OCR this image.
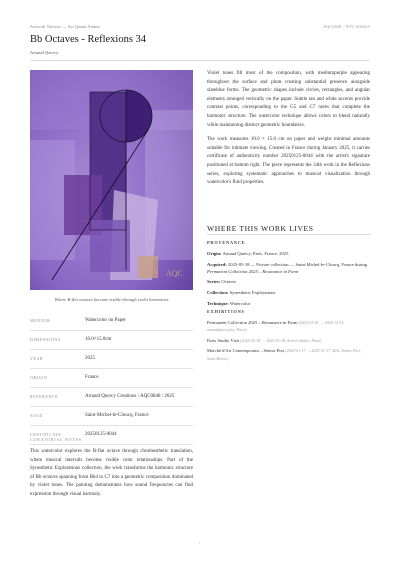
Artwork Notices — Art Quant Anima	AQC0848 · NTC-000445
Bb Octaves - Reflexions 34
Arnaud Quercy
AQC
Where B-flat octaves become visible through violet harmonies
MEDIUM	Watercolor on Paper
DIMENSIONS	10.0×15.0cm
YEAR	2025
ORIGIN	France
REFERENCE	Arnaud Quercy Creations / AQC0848 / 2025
SOLD	Saint-Michel-le-Cloucq, France
CERTIFICATE	20250125-0044
CURATORIAL NOTES
This watercolor explores the B-flat octave through chromesthetic translation, where musical intervals become visible color relationships. Part of the Synesthetic Explorations collection, the work transforms the harmonic structure of Bb octaves spanning from Bb4 to C7 into a geometric composition dominated by violet tones. The painting demonstrates how sound frequencies can find expression through visual harmony.

Violet tones fill most of the composition, with mediumpurple appearing throughout the surface and plum creating substantial presence alongside slateblue forms. The geometric shapes include circles, rectangles, and angular elements arranged vertically on the paper. Subtle tan and white accents provide contrast points, corresponding to the G5 and C7 notes that complete the harmonic structure. The watercolor technique allows colors to blend naturally while maintaining distinct geometric boundaries.

The work measures 10.0 × 15.0 cm on paper and weighs minimal amounts suitable for intimate viewing. Created in France during January 2025, it carries certificate of authenticity number 20250125-0044 with the artist's signature positioned at bottom right. The piece represents the 34th work in the Reflexions series, exploring systematic approaches to musical visualization through watercolor's fluid properties.

WHERE THIS WORK LIVES
PROVENANCE
Origin: Arnaud Quercy, Paris, France, 2025
Acquired: 2025-05-18 — Private collection — Saint-Michel-le-Cloucq, France during Permanent Collection 2025 – Resonance in Form
Series: Octaves
Collection: Synesthetic Explorations
Technique: Watercolor
EXHIBITIONS
Permanent Collection 2025 – Resonance in Form (2025-01-01 → 2025-12-31, arnaudquercy.art, Paris)
Paris Studio Visit (2025-02-18 → 2025-02-18, Artist's Studio, Paris)
Marché d'Art Contemporain – Senior Port (2025-01-17 → 2025-01-17, MAC Senior Port, Saint-Brieuc)
i
